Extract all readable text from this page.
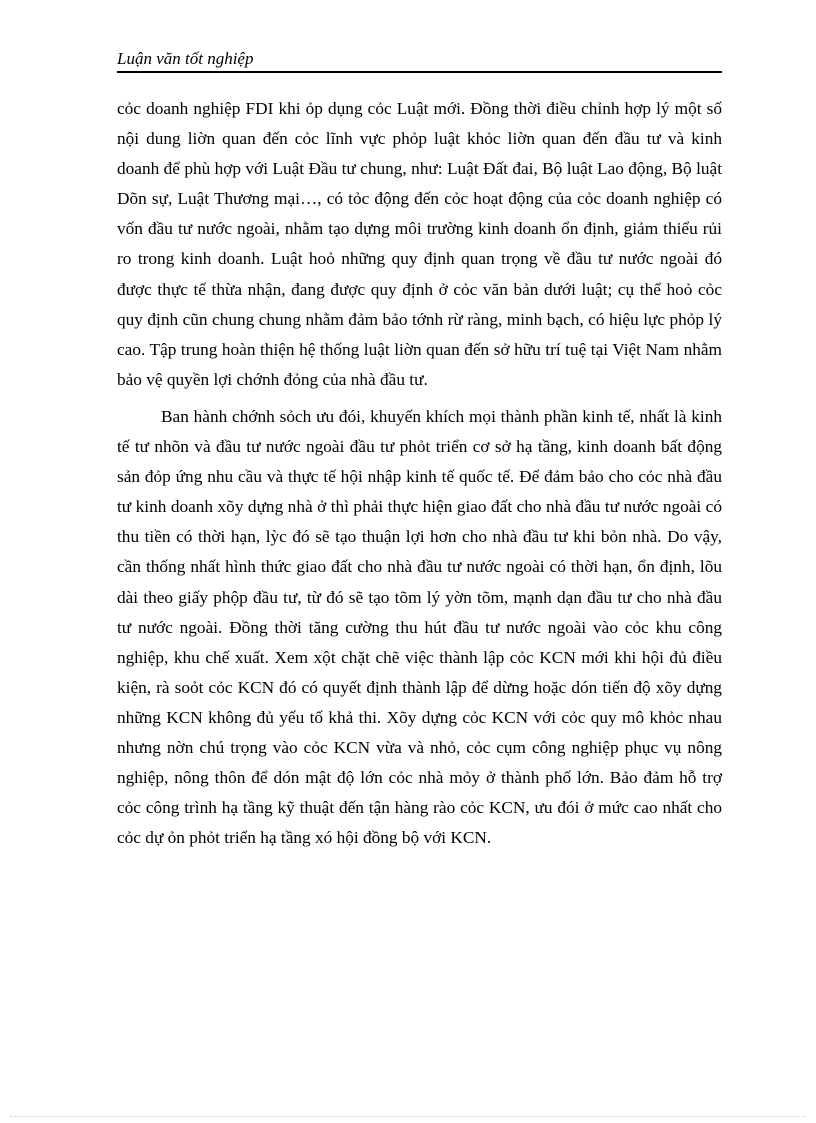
Luận văn tốt nghiệp

cỏc doanh nghiệp FDI khi ỏp dụng cỏc Luật mới. Đồng thời điều chỉnh hợp lý một số nội dung liờn quan đến cỏc lĩnh vực phỏp luật khỏc liờn quan đến đầu tư và kinh doanh để phù hợp với Luật Đầu tư chung, như: Luật Đất đai, Bộ luật Lao động, Bộ luật Dõn sự, Luật Thương mại…, có tỏc động đến cỏc hoạt động của cỏc doanh nghiệp có vốn đầu tư nước ngoài, nhằm tạo dựng môi trường kinh doanh ổn định, giảm thiểu rủi ro trong kinh doanh. Luật hoỏ những quy định quan trọng về đầu tư nước ngoài đó được thực tế thừa nhận, đang được quy định ở cỏc văn bản dưới luật; cụ thể hoỏ cỏc quy định cũn chung chung nhằm đảm bảo tớnh rừ ràng, minh bạch, có hiệu lực phỏp lý cao. Tập trung hoàn thiện hệ thống luật liờn quan đến sở hữu trí tuệ tại Việt Nam nhằm bảo vệ quyền lợi chớnh đỏng của nhà đầu tư.

Ban hành chớnh sỏch ưu đói, khuyến khích mọi thành phần kinh tế, nhất là kinh tế tư nhõn và đầu tư nước ngoài đầu tư phỏt triển cơ sở hạ tầng, kinh doanh bất động sản đỏp ứng nhu cầu và thực tế hội nhập kinh tế quốc tế. Để đảm bảo cho cỏc nhà đầu tư kinh doanh xõy dựng nhà ở thì phải thực hiện giao đất cho nhà đầu tư nước ngoài có thu tiền có thời hạn, lỳc đó sẽ tạo thuận lợi hơn cho nhà đầu tư khi bỏn nhà. Do vậy, cần thống nhất hình thức giao đất cho nhà đầu tư nước ngoài có thời hạn, ổn định, lõu dài theo giấy phộp đầu tư, từ đó sẽ tạo tõm lý yờn tõm, mạnh dạn đầu tư cho nhà đầu tư nước ngoài. Đồng thời tăng cường thu hút đầu tư nước ngoài vào cỏc khu công nghiệp, khu chế xuất. Xem xột chặt chẽ việc thành lập cỏc KCN mới khi hội đủ điều kiện, rà soỏt cỏc KCN đó có quyết định thành lập để dừng hoặc dón tiến độ xõy dựng những KCN không đủ yếu tố khả thi. Xõy dựng cỏc KCN với cỏc quy mô khỏc nhau nhưng nờn chú trọng vào cỏc KCN vừa và nhỏ, cỏc cụm công nghiệp phục vụ nông nghiệp, nông thôn để dón mật độ lớn cỏc nhà mỏy ở thành phố lớn. Bảo đảm hỗ trợ cỏc công trình hạ tầng kỹ thuật đến tận hàng rào cỏc KCN, ưu đói ở mức cao nhất cho cỏc dự ỏn phỏt triển hạ tầng xó hội đồng bộ với KCN.
